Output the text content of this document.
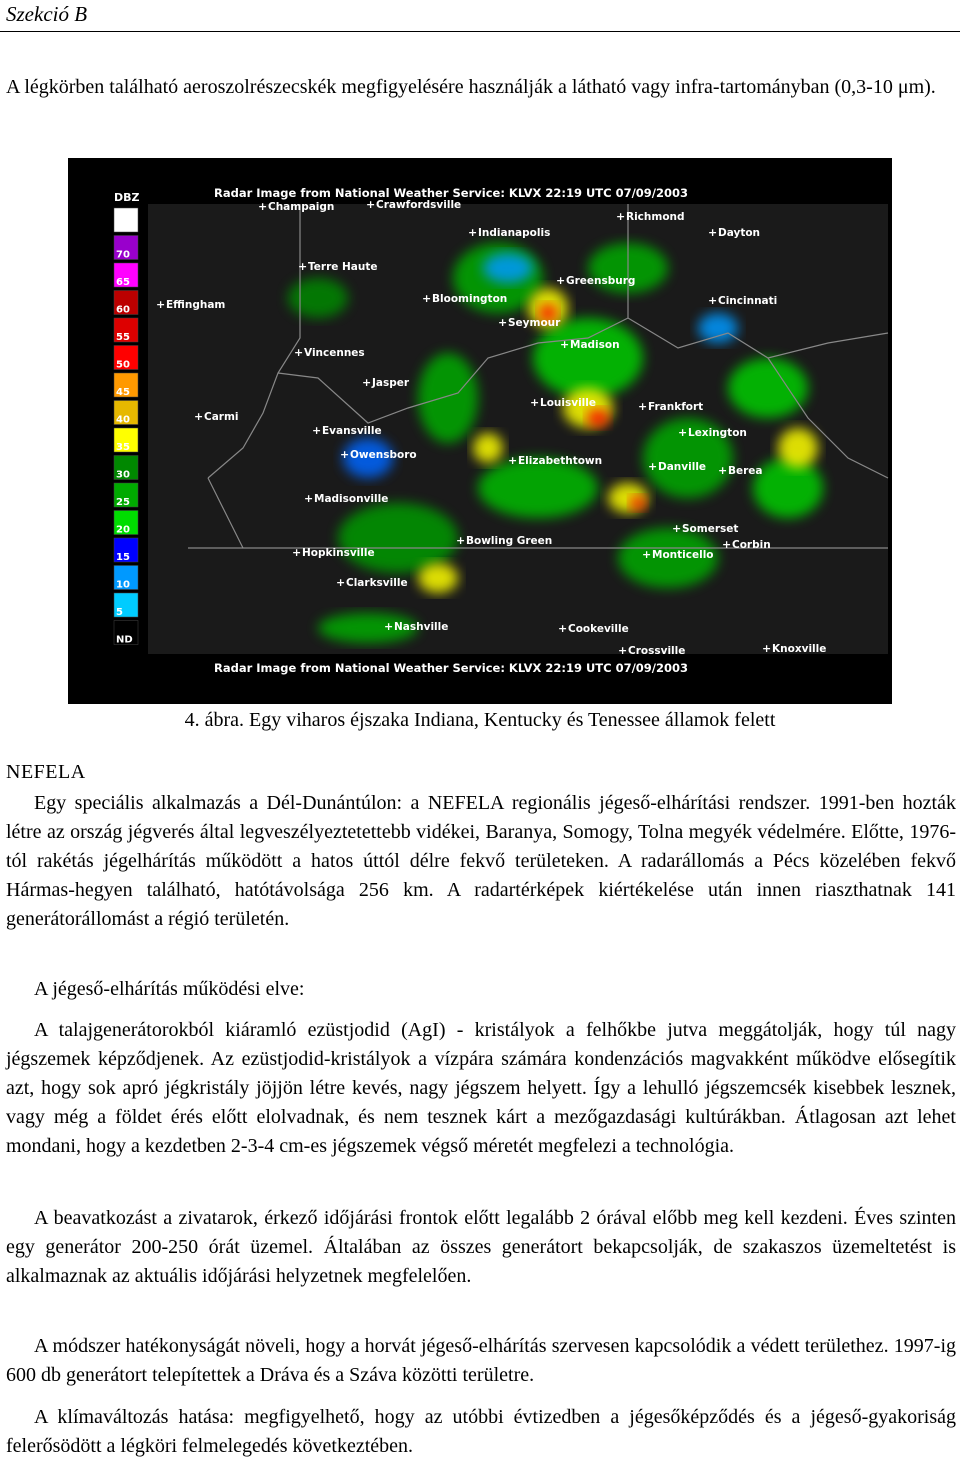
Szekció B

A légkörben található aeroszolrészecskék megfigyelésére használják a látható vagy infra-tartományban (0,3-10 μm).

+ Champaign	+ Crawfordsville
+ Richmond
+ Indianapolis	+ Dayton
+ Terre Haute
+ Greensburg
+ Effingham	+ Bloomington	+ Cincinnati
+ Seymour
+ Madison
+ Vincennes
+ Jasper
+ Louisville	+ Frankfort
+ Carmi
+ Evansville	+ Lexington
+ Owensboro	+ Elizabethtown	+ Danville + Berea
+ Madisonville
+ Somerset
+ Bowling Green	+ Corbin
+ Hopkinsville	+ Monticello
+ Clarksville
+ Nashville	+ Cookeville
+ Crossville	+ Knoxville
Radar Image from National Weather Service: KLVX 22:19 UTC 07/09/2003
Radar Image from National Weather Service: KLVX 22:19 UTC 07/09/2003
DBZ
75
70
65
60
55
50
45
40
35
30
25
20
15
10
5
ND
4. ábra. Egy viharos éjszaka Indiana, Kentucky és Tenessee államok felett
NEFELA

Egy speciális alkalmazás a Dél-Dunántúlon: a NEFELA regionális jégeső-elhárítási rendszer. 1991-ben hozták létre az ország jégverés által legveszélyeztetettebb vidékei, Baranya, Somogy, Tolna megyék védelmére. Előtte, 1976-tól rakétás jégelhárítás működött a hatos úttól délre fekvő területeken. A radarállomás a Pécs közelében fekvő Hármas-hegyen található, hatótávolsága 256 km. A radartérképek kiértékelése után innen riaszthatnak 141 generátorállomást a régió területén.

A jégeső-elhárítás működési elve:

A talajgenerátorokból kiáramló ezüstjodid (AgI) - kristályok a felhőkbe jutva meggátolják, hogy túl nagy jégszemek képződjenek. Az ezüstjodid-kristályok a vízpára számára kondenzációs magvakként működve elősegítik azt, hogy sok apró jégkristály jöjjön létre kevés, nagy jégszem helyett. Így a lehulló jégszemcsék kisebbek lesznek, vagy még a földet érés előtt elolvadnak, és nem tesznek kárt a mezőgazdasági kultúrákban. Átlagosan azt lehet mondani, hogy a kezdetben 2-3-4 cm-es jégszemek végső méretét megfelezi a technológia.

A beavatkozást a zivatarok, érkező időjárási frontok előtt legalább 2 órával előbb meg kell kezdeni. Éves szinten egy generátor 200-250 órát üzemel. Általában az összes generátort bekapcsolják, de szakaszos üzemeltetést is alkalmaznak az aktuális időjárási helyzetnek megfelelően.

A módszer hatékonyságát növeli, hogy a horvát jégeső-elhárítás szervesen kapcsolódik a védett területhez. 1997-ig 600 db generátort telepítettek a Dráva és a Száva közötti területre.

A klímaváltozás hatása: megfigyelhető, hogy az utóbbi évtizedben a jégesőképződés és a jégeső-gyakoriság felerősödött a légköri felmelegedés következtében.
